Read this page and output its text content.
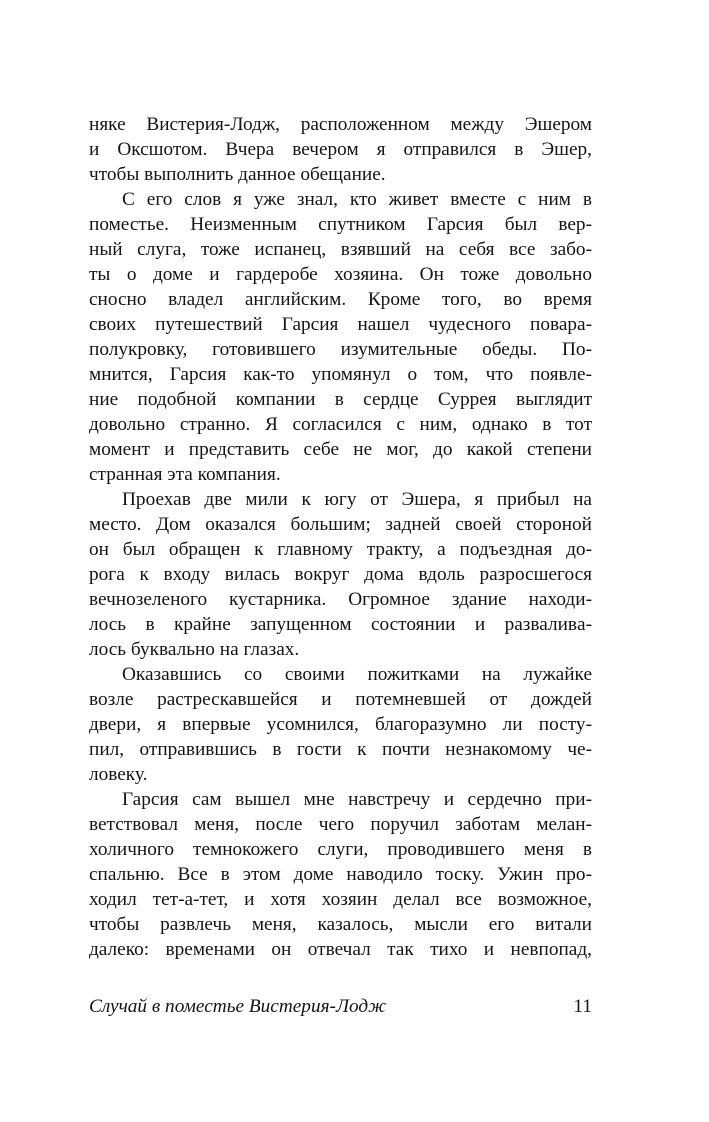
няке Вистерия-Лодж, расположенном между Эшером
и Оксшотом. Вчера вечером я отправился в Эшер,
чтобы выполнить данное обещание.
С его слов я уже знал, кто живет вместе с ним в
поместье. Неизменным спутником Гарсия был вер-
ный слуга, тоже испанец, взявший на себя все забо-
ты о доме и гардеробе хозяина. Он тоже довольно
сносно владел английским. Кроме того, во время
своих путешествий Гарсия нашел чудесного повара-
полукровку, готовившего изумительные обеды. По-
мнится, Гарсия как-то упомянул о том, что появле-
ние подобной компании в сердце Суррея выглядит
довольно странно. Я согласился с ним, однако в тот
момент и представить себе не мог, до какой степени
странная эта компания.
Проехав две мили к югу от Эшера, я прибыл на
место. Дом оказался большим; задней своей стороной
он был обращен к главному тракту, а подъездная до-
рога к входу вилась вокруг дома вдоль разросшегося
вечнозеленого кустарника. Огромное здание находи-
лось в крайне запущенном состоянии и разваливa-
лось буквально на глазах.
Оказавшись со своими пожитками на лужайке
возле растрескавшейся и потемневшей от дождей
двери, я впервые усомнился, благоразумно ли посту-
пил, отправившись в гости к почти незнакомому че-
ловеку.
Гарсия сам вышел мне навстречу и сердечно при-
ветствовал меня, после чего поручил заботам мелан-
холичного темнокожего слуги, проводившего меня в
спальню. Все в этом доме наводило тоску. Ужин про-
ходил тет-а-тет, и хотя хозяин делал все возможное,
чтобы развлечь меня, казалось, мысли его витали
далеко: временами он отвечал так тихо и невпопад,
Случай в поместье Вистерия-Лодж	11
